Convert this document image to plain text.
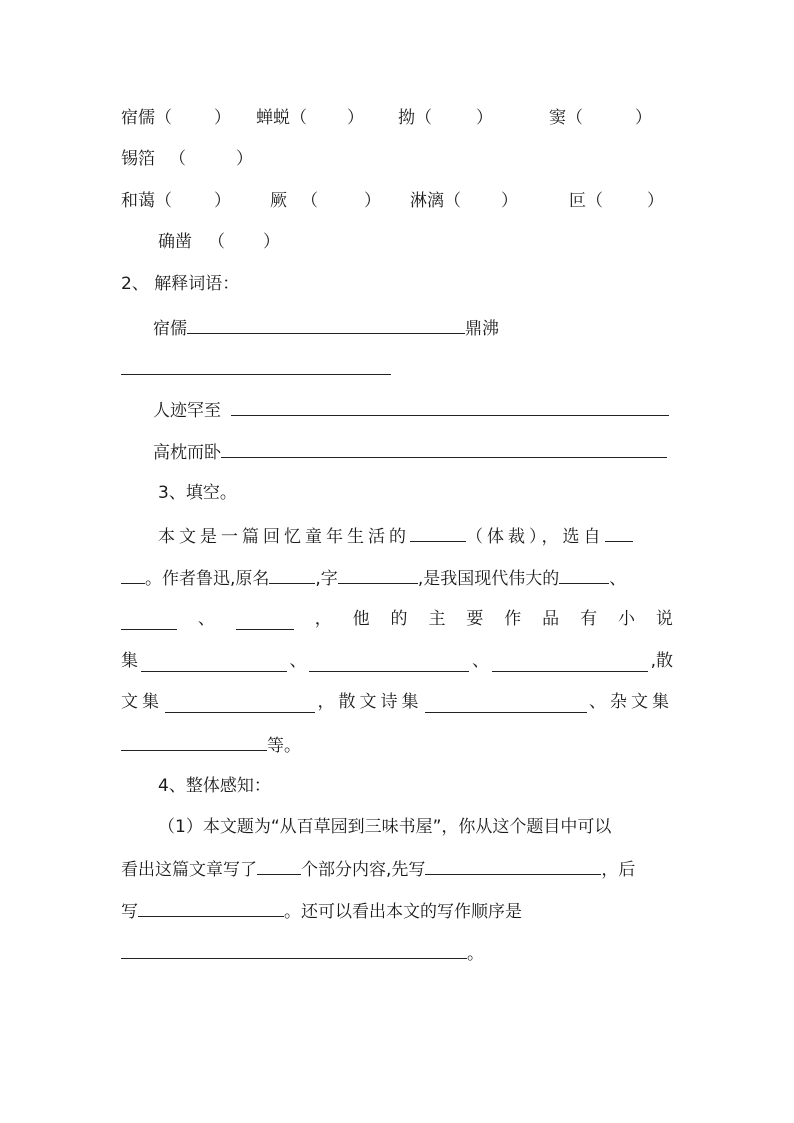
宿儒（ ） 蝉蜕（ ） 拗（	）	窦（	）
锡箔 （	）
和蔼（ ） 厥 （	） 淋漓（ ）	叵（	）
确凿 （ ）
2、 解释词语：
宿儒	鼎沸
人迹罕至
高枕而卧
3、填空。
本文是一篇回忆童年生活的	（体裁），选自
。作者鲁迅,原名	,字	,是我国现代伟大的	、
、	， 他 的 主 要 作 品 有 小 说
集	、	、	,散
文集	，散文诗集	、杂文集
等。
4、整体感知：
（1）本文题为“从百草园到三味书屋”，你从这个题目中可以
看出这篇文章写了	个部分内容,先写	，后
写	。还可以看出本文的写作顺序是
。
